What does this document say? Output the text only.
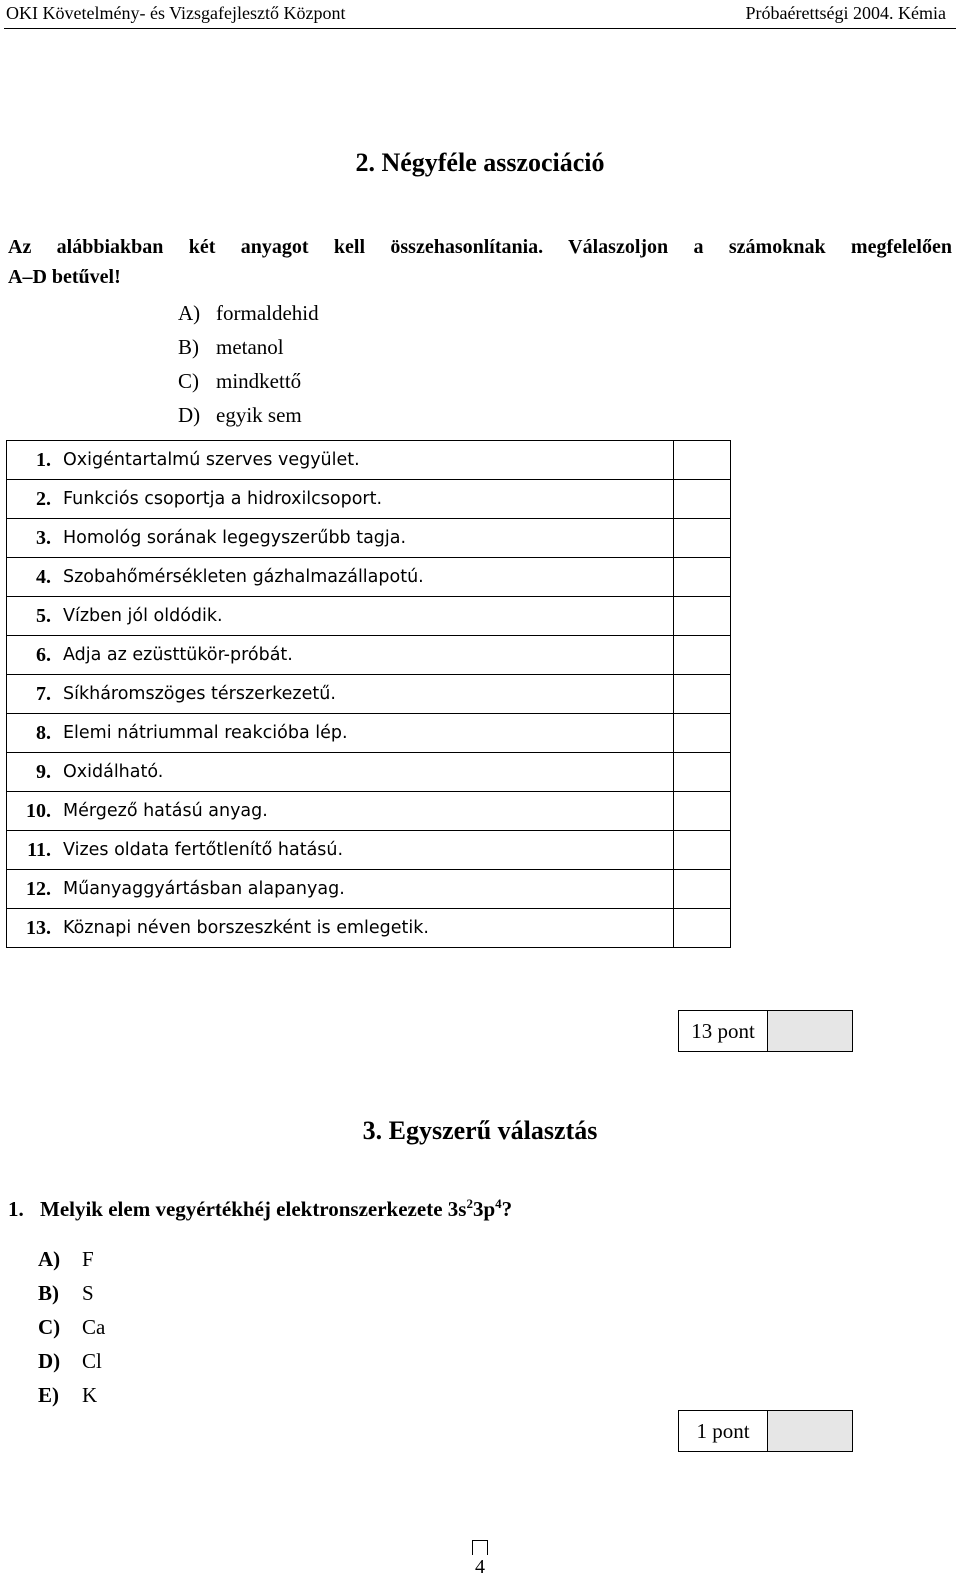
OKI Követelmény- és Vizsgafejlesztő Központ	Próbaérettségi 2004. Kémia
2. Négyféle asszociáció
Az alábbiakban két anyagot kell összehasonlítania. Válaszoljon a számoknak megfelelően
A–D betűvel!
A) formaldehid
B) metanol
C) mindkettő
D) egyik sem
1.	Oxigéntartalmú szerves vegyület.	
2.	Funkciós csoportja a hidroxilcsoport.	
3.	Homológ sorának legegyszerűbb tagja.	
4.	Szobahőmérsékleten gázhalmazállapotú.	
5.	Vízben jól oldódik.	
6.	Adja az ezüsttükör-próbát.	
7.	Síkháromszöges térszerkezetű.	
8.	Elemi nátriummal reakcióba lép.	
9.	Oxidálható.	
10.	Mérgező hatású anyag.	
11.	Vizes oldata fertőtlenítő hatású.	
12.	Műanyaggyártásban alapanyag.	
13.	Köznapi néven borszeszként is emlegetik.	
13 pont
3. Egyszerű választás
1. Melyik elem vegyértékhéj elektronszerkezete $3s^23p^4$?
A)	F
B)	S
C)	Ca
D)	Cl
E)	K
1 pont
4
